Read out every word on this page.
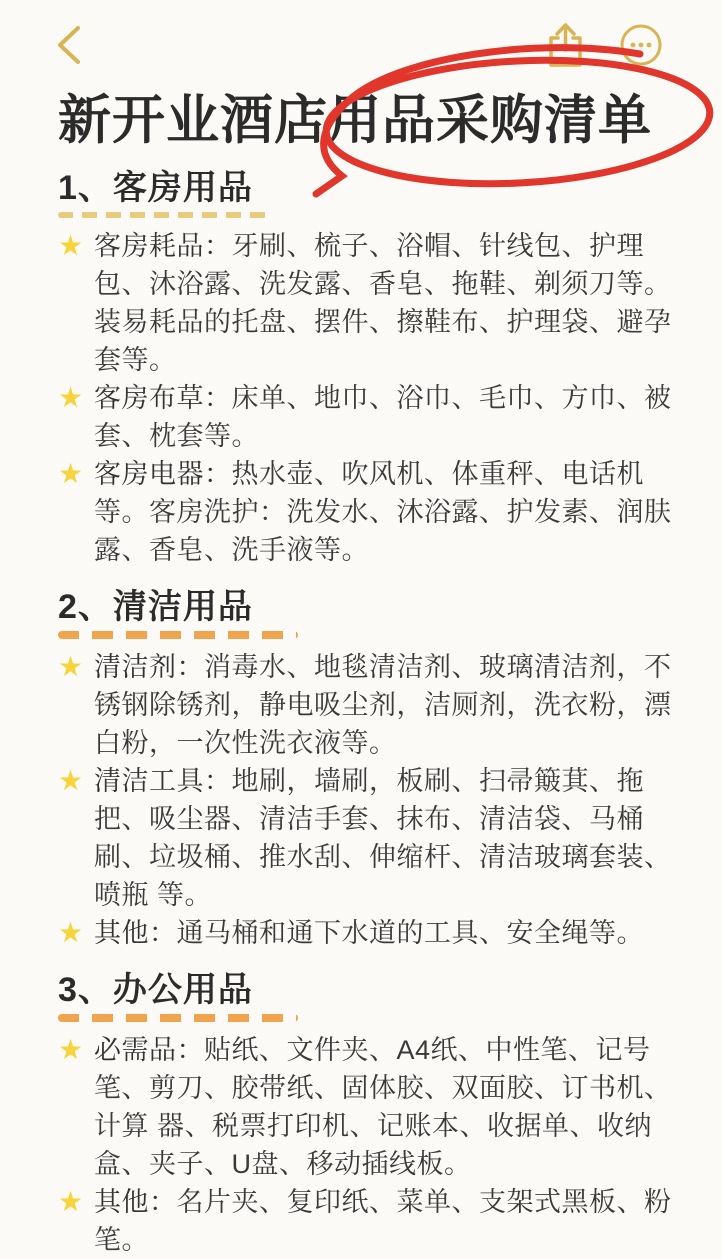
新开业酒店用品采购清单
1、客房用品
★ 客房耗品：牙刷、梳子、浴帽、针线包、护理包、沐浴露、洗发露、香皂、拖鞋、剃须刀等。装易耗品的托盘、摆件、擦鞋布、护理袋、避孕套等。
★ 客房布草：床单、地巾、浴巾、毛巾、方巾、被套、枕套等。
★ 客房电器：热水壶、吹风机、体重秤、电话机等。客房洗护：洗发水、沐浴露、护发素、润肤露、香皂、洗手液等。
2、清洁用品
★ 清洁剂：消毒水、地毯清洁剂、玻璃清洁剂，不锈钢除锈剂，静电吸尘剂，洁厕剂，洗衣粉，漂白粉，一次性洗衣液等。
★ 清洁工具：地刷，墙刷，板刷、扫帚簸萁、拖把、吸尘器、清洁手套、抹布、清洁袋、马桶刷、垃圾桶、推水刮、伸缩杆、清洁玻璃套装、喷瓶 等。
★ 其他：通马桶和通下水道的工具、安全绳等。
3、办公用品
★ 必需品：贴纸、文件夹、A4纸、中性笔、记号笔、剪刀、胶带纸、固体胶、双面胶、订书机、计算 器、税票打印机、记账本、收据单、收纳盒、夹子、U盘、移动插线板。
★ 其他：名片夹、复印纸、菜单、支架式黑板、粉笔。
